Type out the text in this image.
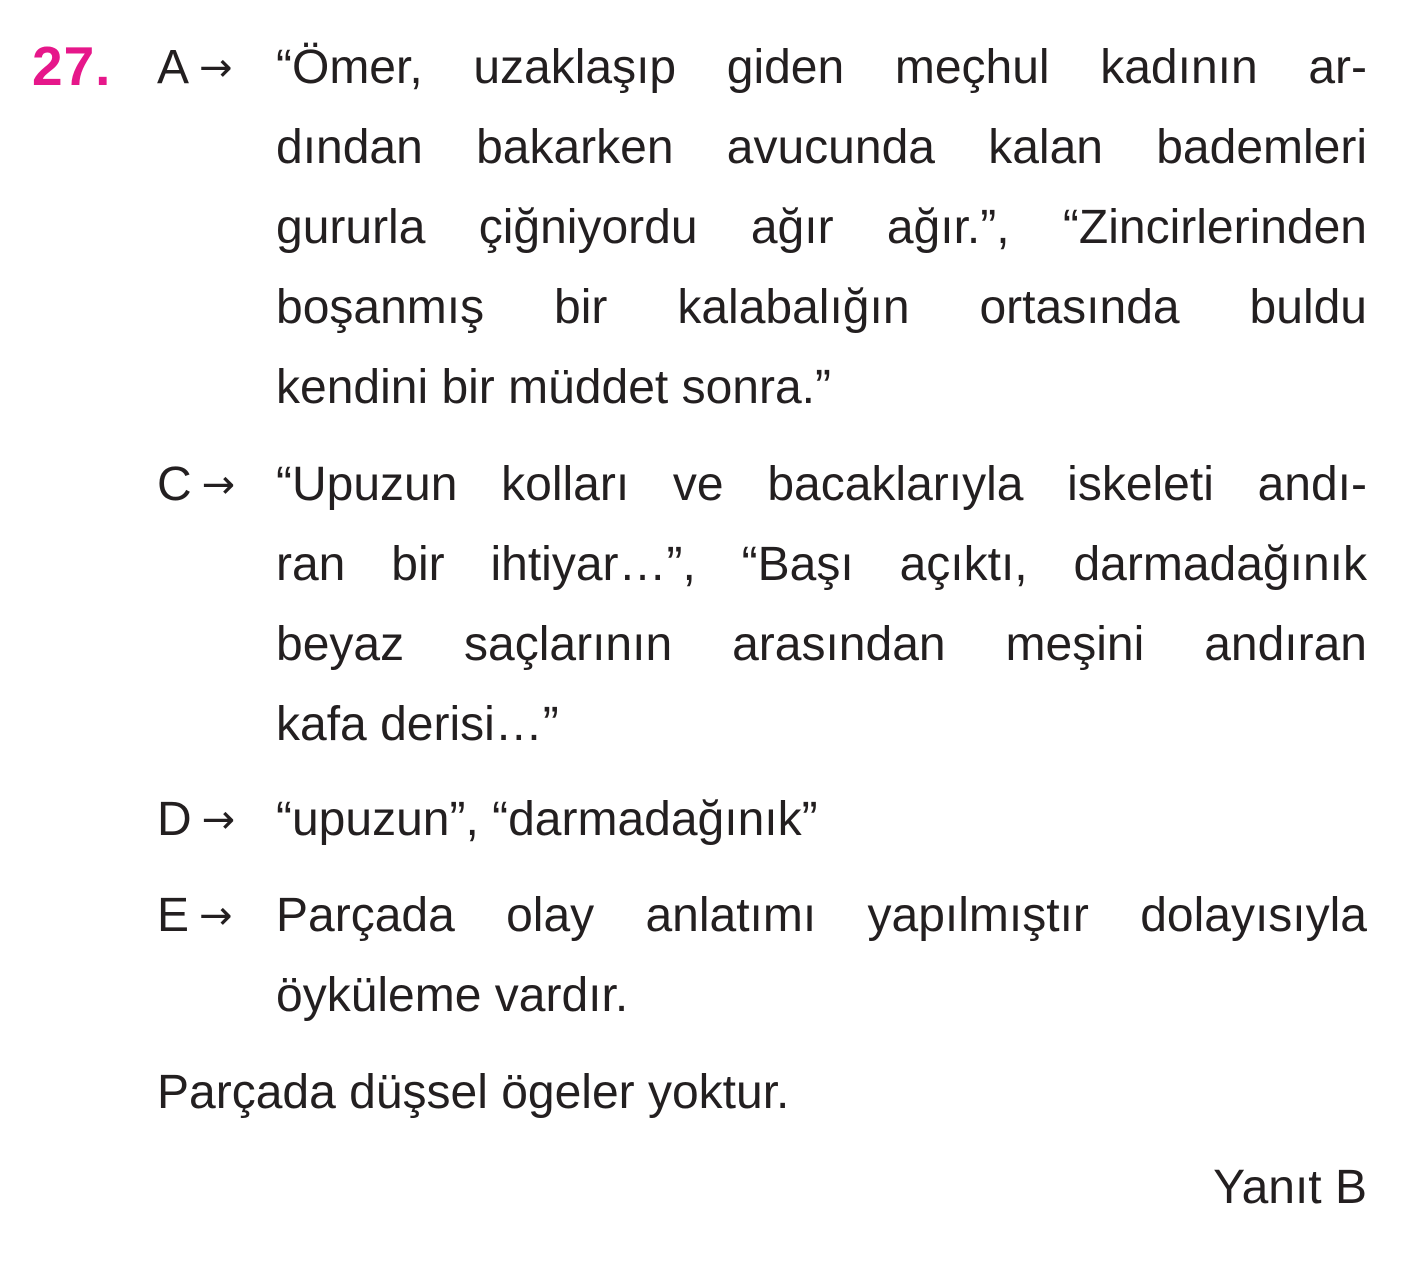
27. A → “Ömer, uzaklaşıp giden meçhul kadının ar-
dından bakarken avucunda kalan bademleri
gururla çiğniyordu ağır ağır.”, “Zincirlerinden
boşanmış bir kalabalığın ortasında buldu
kendini bir müddet sonra.”
C → “Upuzun kolları ve bacaklarıyla iskeleti andı-
ran bir ihtiyar…”, “Başı açıktı, darmadağınık
beyaz saçlarının arasından meşini andıran
kafa derisi…”
D → “upuzun”, “darmadağınık”
E → Parçada olay anlatımı yapılmıştır dolayısıyla
öyküleme vardır.
Parçada düşsel ögeler yoktur.
Yanıt B
